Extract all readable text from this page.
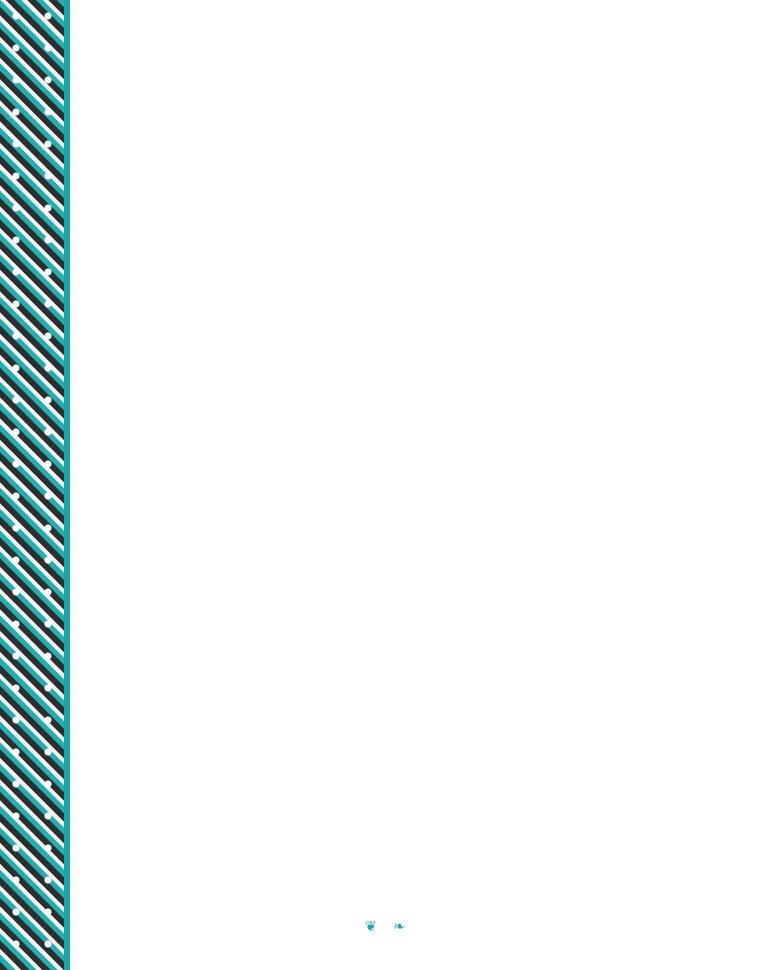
❦ ❧
